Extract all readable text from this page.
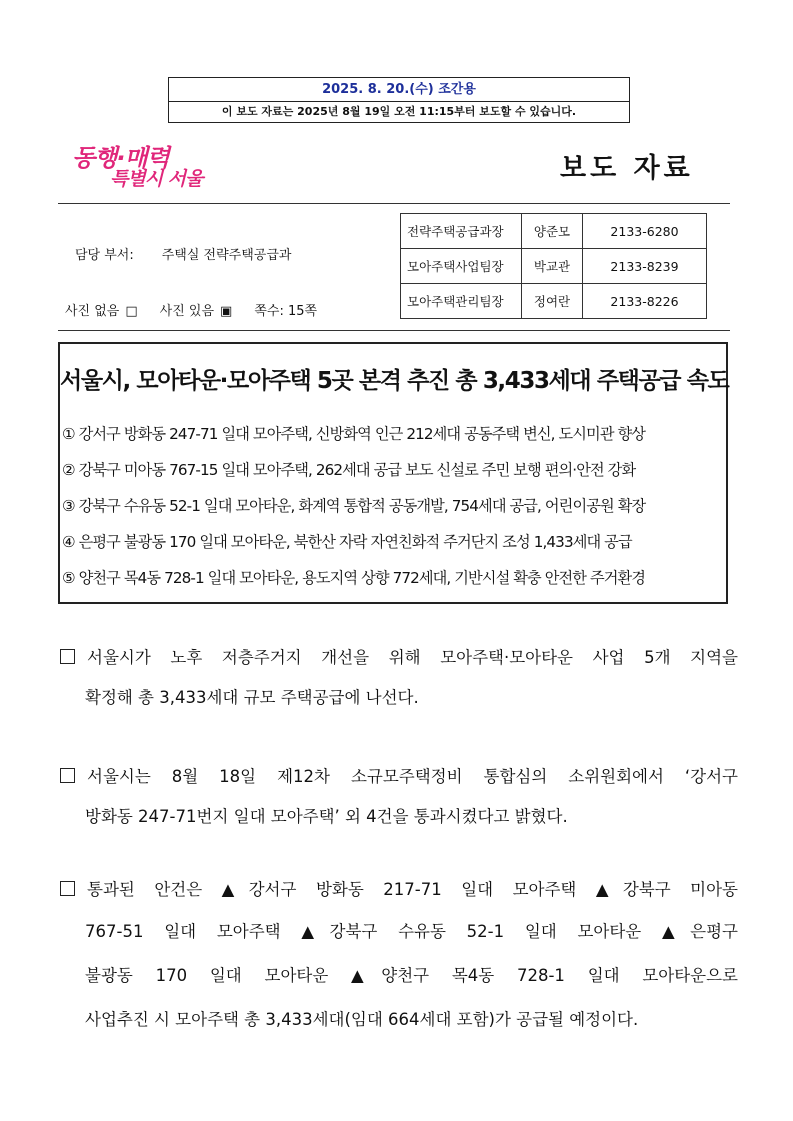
2025. 8. 20.(수) 조간용
이 보도 자료는 2025년 8월 19일 오전 11:15부터 보도할 수 있습니다.
동행·매력
특별시 서울	보도 자료
담당 부서: 주택실 전략주택공급과
사진 없음 □ 사진 있음 ▣ 쪽수: 15쪽
전략주택공급과장	양준모	2133-6280
모아주택사업팀장	박교관	2133-8239
모아주택관리팀장	정여란	2133-8226
서울시, 모아타운·모아주택 5곳 본격 추진 총 3,433세대 주택공급 속도
① 강서구 방화동 247-71 일대 모아주택, 신방화역 인근 212세대 공동주택 변신, 도시미관 향상
② 강북구 미아동 767-15 일대 모아주택, 262세대 공급 보도 신설로 주민 보행 편의·안전 강화
③ 강북구 수유동 52-1 일대 모아타운, 화계역 통합적 공동개발, 754세대 공급, 어린이공원 확장
④ 은평구 불광동 170 일대 모아타운, 북한산 자락 자연친화적 주거단지 조성 1,433세대 공급
⑤ 양천구 목4동 728-1 일대 모아타운, 용도지역 상향 772세대, 기반시설 확충 안전한 주거환경
서울시가 노후 저층주거지 개선을 위해 모아주택·모아타운 사업 5개 지역을
확정해 총 3,433세대 규모 주택공급에 나선다.
서울시는 8월 18일 제12차 소규모주택정비 통합심의 소위원회에서 ‘강서구
방화동 247-71번지 일대 모아주택’ 외 4건을 통과시켰다고 밝혔다.
통과된 안건은 ▲강서구 방화동 217-71 일대 모아주택 ▲강북구 미아동
767-51 일대 모아주택 ▲강북구 수유동 52-1 일대 모아타운 ▲은평구
불광동 170 일대 모아타운 ▲양천구 목4동 728-1 일대 모아타운으로
사업추진 시 모아주택 총 3,433세대(임대 664세대 포함)가 공급될 예정이다.
